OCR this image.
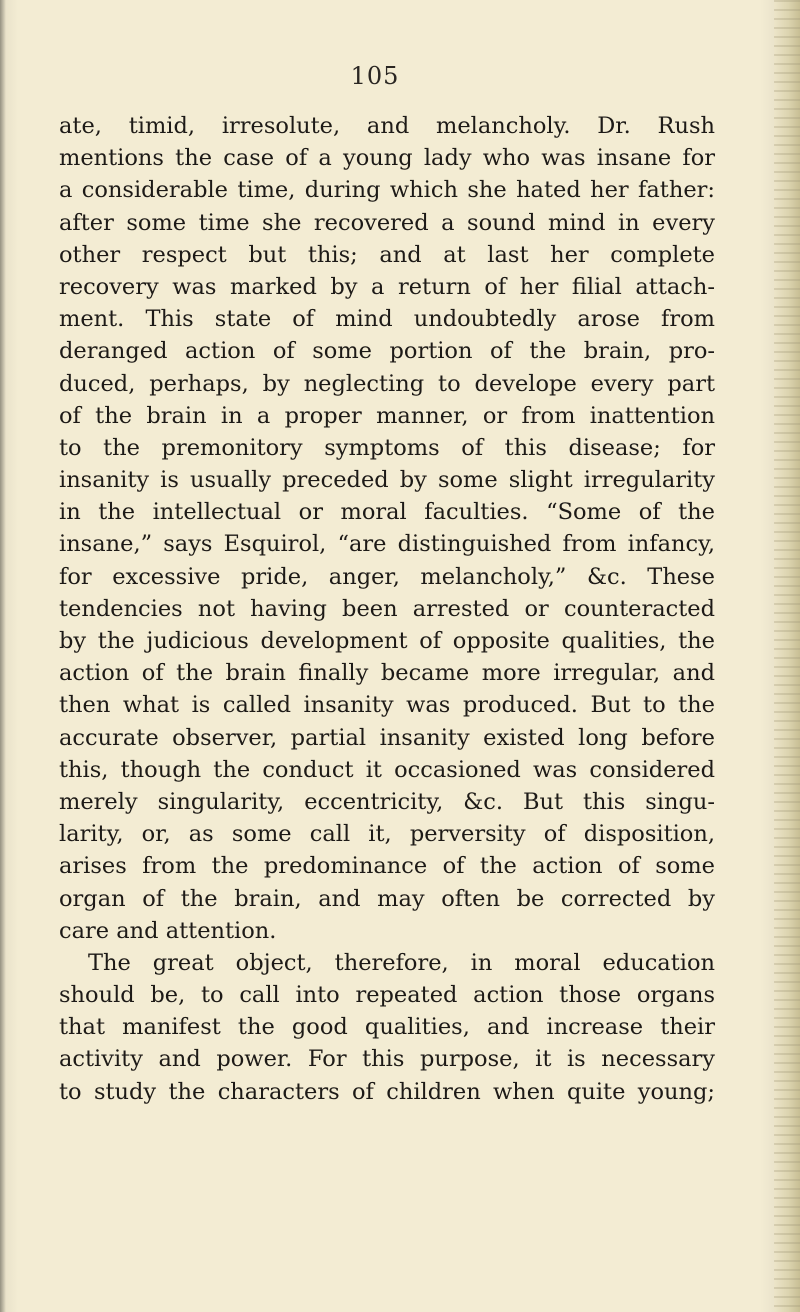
105
ate, timid, irresolute, and melancholy. Dr. Rush
mentions the case of a young lady who was insane for
a considerable time, during which she hated her father:
after some time she recovered a sound mind in every
other respect but this; and at last her complete
recovery was marked by a return of her filial attach-
ment. This state of mind undoubtedly arose from
deranged action of some portion of the brain, pro-
duced, perhaps, by neglecting to develope every part
of the brain in a proper manner, or from inattention
to the premonitory symptoms of this disease; for
insanity is usually preceded by some slight irregularity
in the intellectual or moral faculties. “Some of the
insane,” says Esquirol, “are distinguished from infancy,
for excessive pride, anger, melancholy,” &c. These
tendencies not having been arrested or counteracted
by the judicious development of opposite qualities, the
action of the brain finally became more irregular, and
then what is called insanity was produced. But to the
accurate observer, partial insanity existed long before
this, though the conduct it occasioned was considered
merely singularity, eccentricity, &c. But this singu-
larity, or, as some call it, perversity of disposition,
arises from the predominance of the action of some
organ of the brain, and may often be corrected by
care and attention.
The great object, therefore, in moral education
should be, to call into repeated action those organs
that manifest the good qualities, and increase their
activity and power. For this purpose, it is necessary
to study the characters of children when quite young;
